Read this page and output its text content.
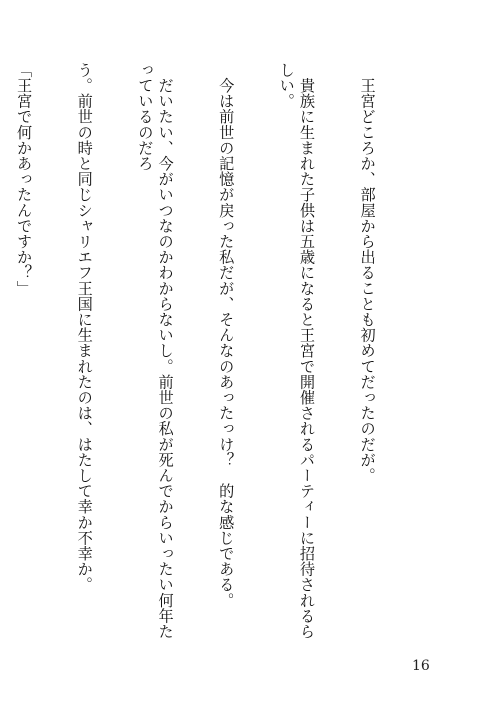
　王宮どころか、部屋から出ることも初めてだったのだが。

　貴族に生まれた子供は五歳になると王宮で開催されるパーティーに招待されるらしい。

　今は前世の記憶が戻った私だが、そんなのあったっけ？　的な感じである。

　だいたい、今がいつなのかわからないし。前世の私が死んでからいったい何年たっているのだろ

う。前世の時と同じシャリエフ王国に生まれたのは、はたして幸か不幸か。

「王宮で何かあったんですか？」

16
